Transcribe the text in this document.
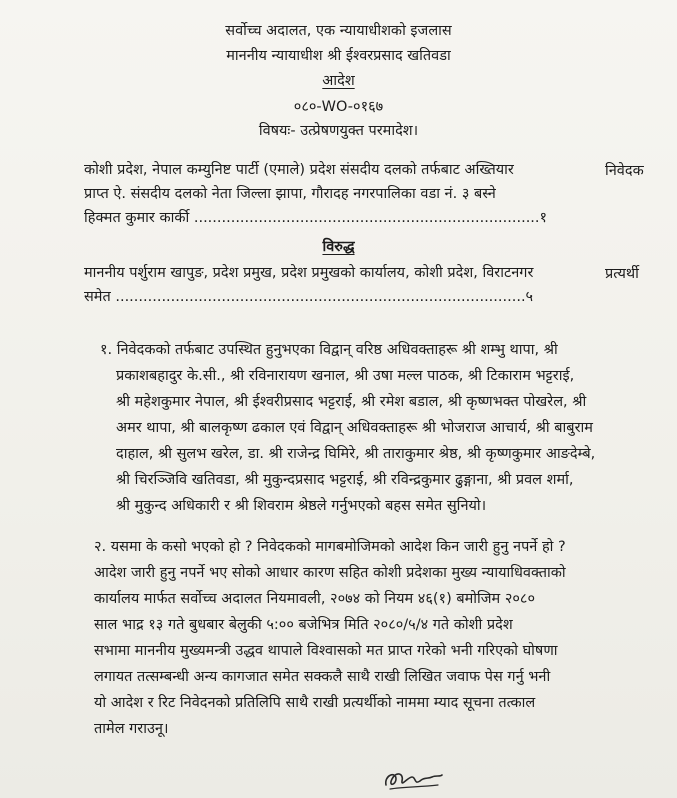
सर्वोच्च अदालत, एक न्यायाधीशको इजलास
माननीय न्यायाधीश श्री ईश्वरप्रसाद खतिवडा
आदेश
०८०-WO-०१६७
विषयः- उत्प्रेषणयुक्त परमादेश।
कोशी प्रदेश, नेपाल कम्युनिष्ट पार्टी (एमाले) प्रदेश संसदीय दलको तर्फबाट अख्तियार
प्राप्त ऐ. संसदीय दलको नेता जिल्ला झापा, गौरादह नगरपालिका वडा नं. ३ बस्ने
हिक्मत कुमार कार्की ...........................................................................१
निवेदक
विरुद्ध
माननीय पर्शुराम खापुङ, प्रदेश प्रमुख, प्रदेश प्रमुखको कार्यालय, कोशी प्रदेश, विराटनगर
समेत .........................................................................................५
प्रत्यर्थी
१. निवेदकको तर्फबाट उपस्थित हुनुभएका विद्वान् वरिष्ठ अधिवक्ताहरू श्री शम्भु थापा, श्री
प्रकाशबहादुर के.सी., श्री रविनारायण खनाल, श्री उषा मल्ल पाठक, श्री टिकाराम भट्टराई,
श्री महेशकुमार नेपाल, श्री ईश्वरीप्रसाद भट्टराई, श्री रमेश बडाल, श्री कृष्णभक्त पोखरेल, श्री
अमर थापा, श्री बालकृष्ण ढकाल एवं विद्वान् अधिवक्ताहरू श्री भोजराज आचार्य, श्री बाबुराम
दाहाल, श्री सुलभ खरेल, डा. श्री राजेन्द्र घिमिरे, श्री ताराकुमार श्रेष्ठ, श्री कृष्णकुमार आङदेम्बे,
श्री चिरञ्जिवि खतिवडा, श्री मुकुन्दप्रसाद भट्टराई, श्री रविन्द्रकुमार ढुङ्गाना, श्री प्रवल शर्मा,
श्री मुकुन्द अधिकारी र श्री शिवराम श्रेष्ठले गर्नुभएको बहस समेत सुनियो।
२. यसमा के कसो भएको हो ? निवेदकको मागबमोजिमको आदेश किन जारी हुनु नपर्ने हो ?
आदेश जारी हुनु नपर्ने भए सोको आधार कारण सहित कोशी प्रदेशका मुख्य न्यायाधिवक्ताको
कार्यालय मार्फत सर्वोच्च अदालत नियमावली, २०७४ को नियम ४६(१) बमोजिम २०८०
साल भाद्र १३ गते बुधबार बेलुकी ५:०० बजेभित्र मिति २०८०/५/४ गते कोशी प्रदेश
सभामा माननीय मुख्यमन्त्री उद्धव थापाले विश्वासको मत प्राप्त गरेको भनी गरिएको घोषणा
लगायत तत्सम्बन्धी अन्य कागजात समेत सक्कलै साथै राखी लिखित जवाफ पेस गर्नु भनी
यो आदेश र रिट निवेदनको प्रतिलिपि साथै राखी प्रत्यर्थीको नाममा म्याद सूचना तत्काल
तामेल गराउनू।
